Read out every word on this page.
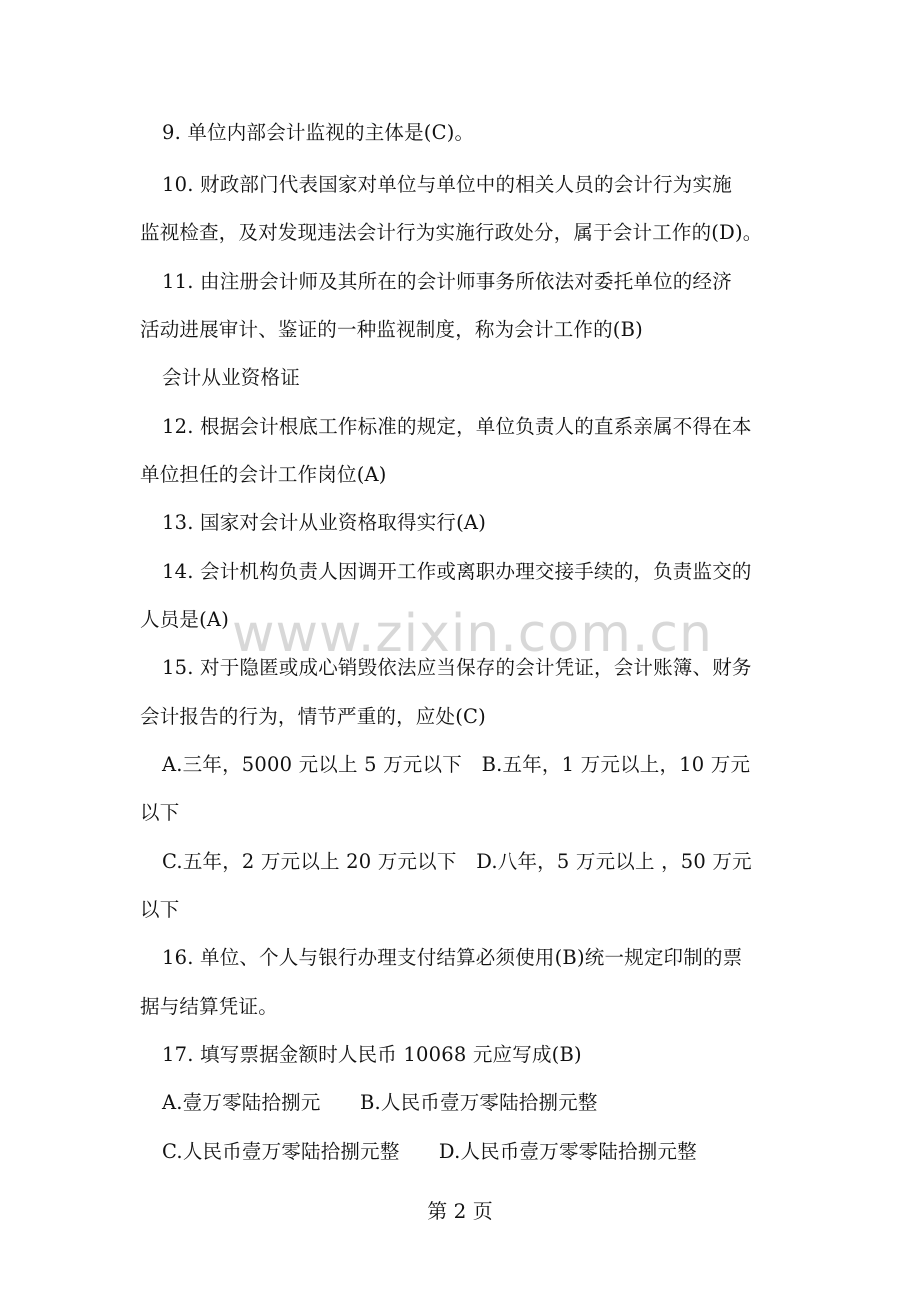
9. 单位内部会计监视的主体是(C)。
10. 财政部门代表国家对单位与单位中的相关人员的会计行为实施
监视检查，及对发现违法会计行为实施行政处分，属于会计工作的(D)。
11. 由注册会计师及其所在的会计师事务所依法对委托单位的经济
活动进展审计、鉴证的一种监视制度，称为会计工作的(B)
会计从业资格证
12. 根据会计根底工作标准的规定，单位负责人的直系亲属不得在本
单位担任的会计工作岗位(A)
13. 国家对会计从业资格取得实行(A)
14. 会计机构负责人因调开工作或离职办理交接手续的，负责监交的
人员是(A)
15. 对于隐匿或成心销毁依法应当保存的会计凭证，会计账簿、财务
会计报告的行为，情节严重的，应处(C)
A.三年，5000 元以上 5 万元以下　B.五年，1 万元以上，10 万元
以下
C.五年，2 万元以上 20 万元以下　D.八年，5 万元以上 ，50 万元
以下
16. 单位、个人与银行办理支付结算必须使用(B)统一规定印制的票
据与结算凭证。
17. 填写票据金额时人民币 10068 元应写成(B)
A.壹万零陆拾捌元　　B.人民币壹万零陆拾捌元整
C.人民币壹万零陆拾捌元整　　D.人民币壹万零零陆拾捌元整
www.zixin.com.cn
第 2 页
